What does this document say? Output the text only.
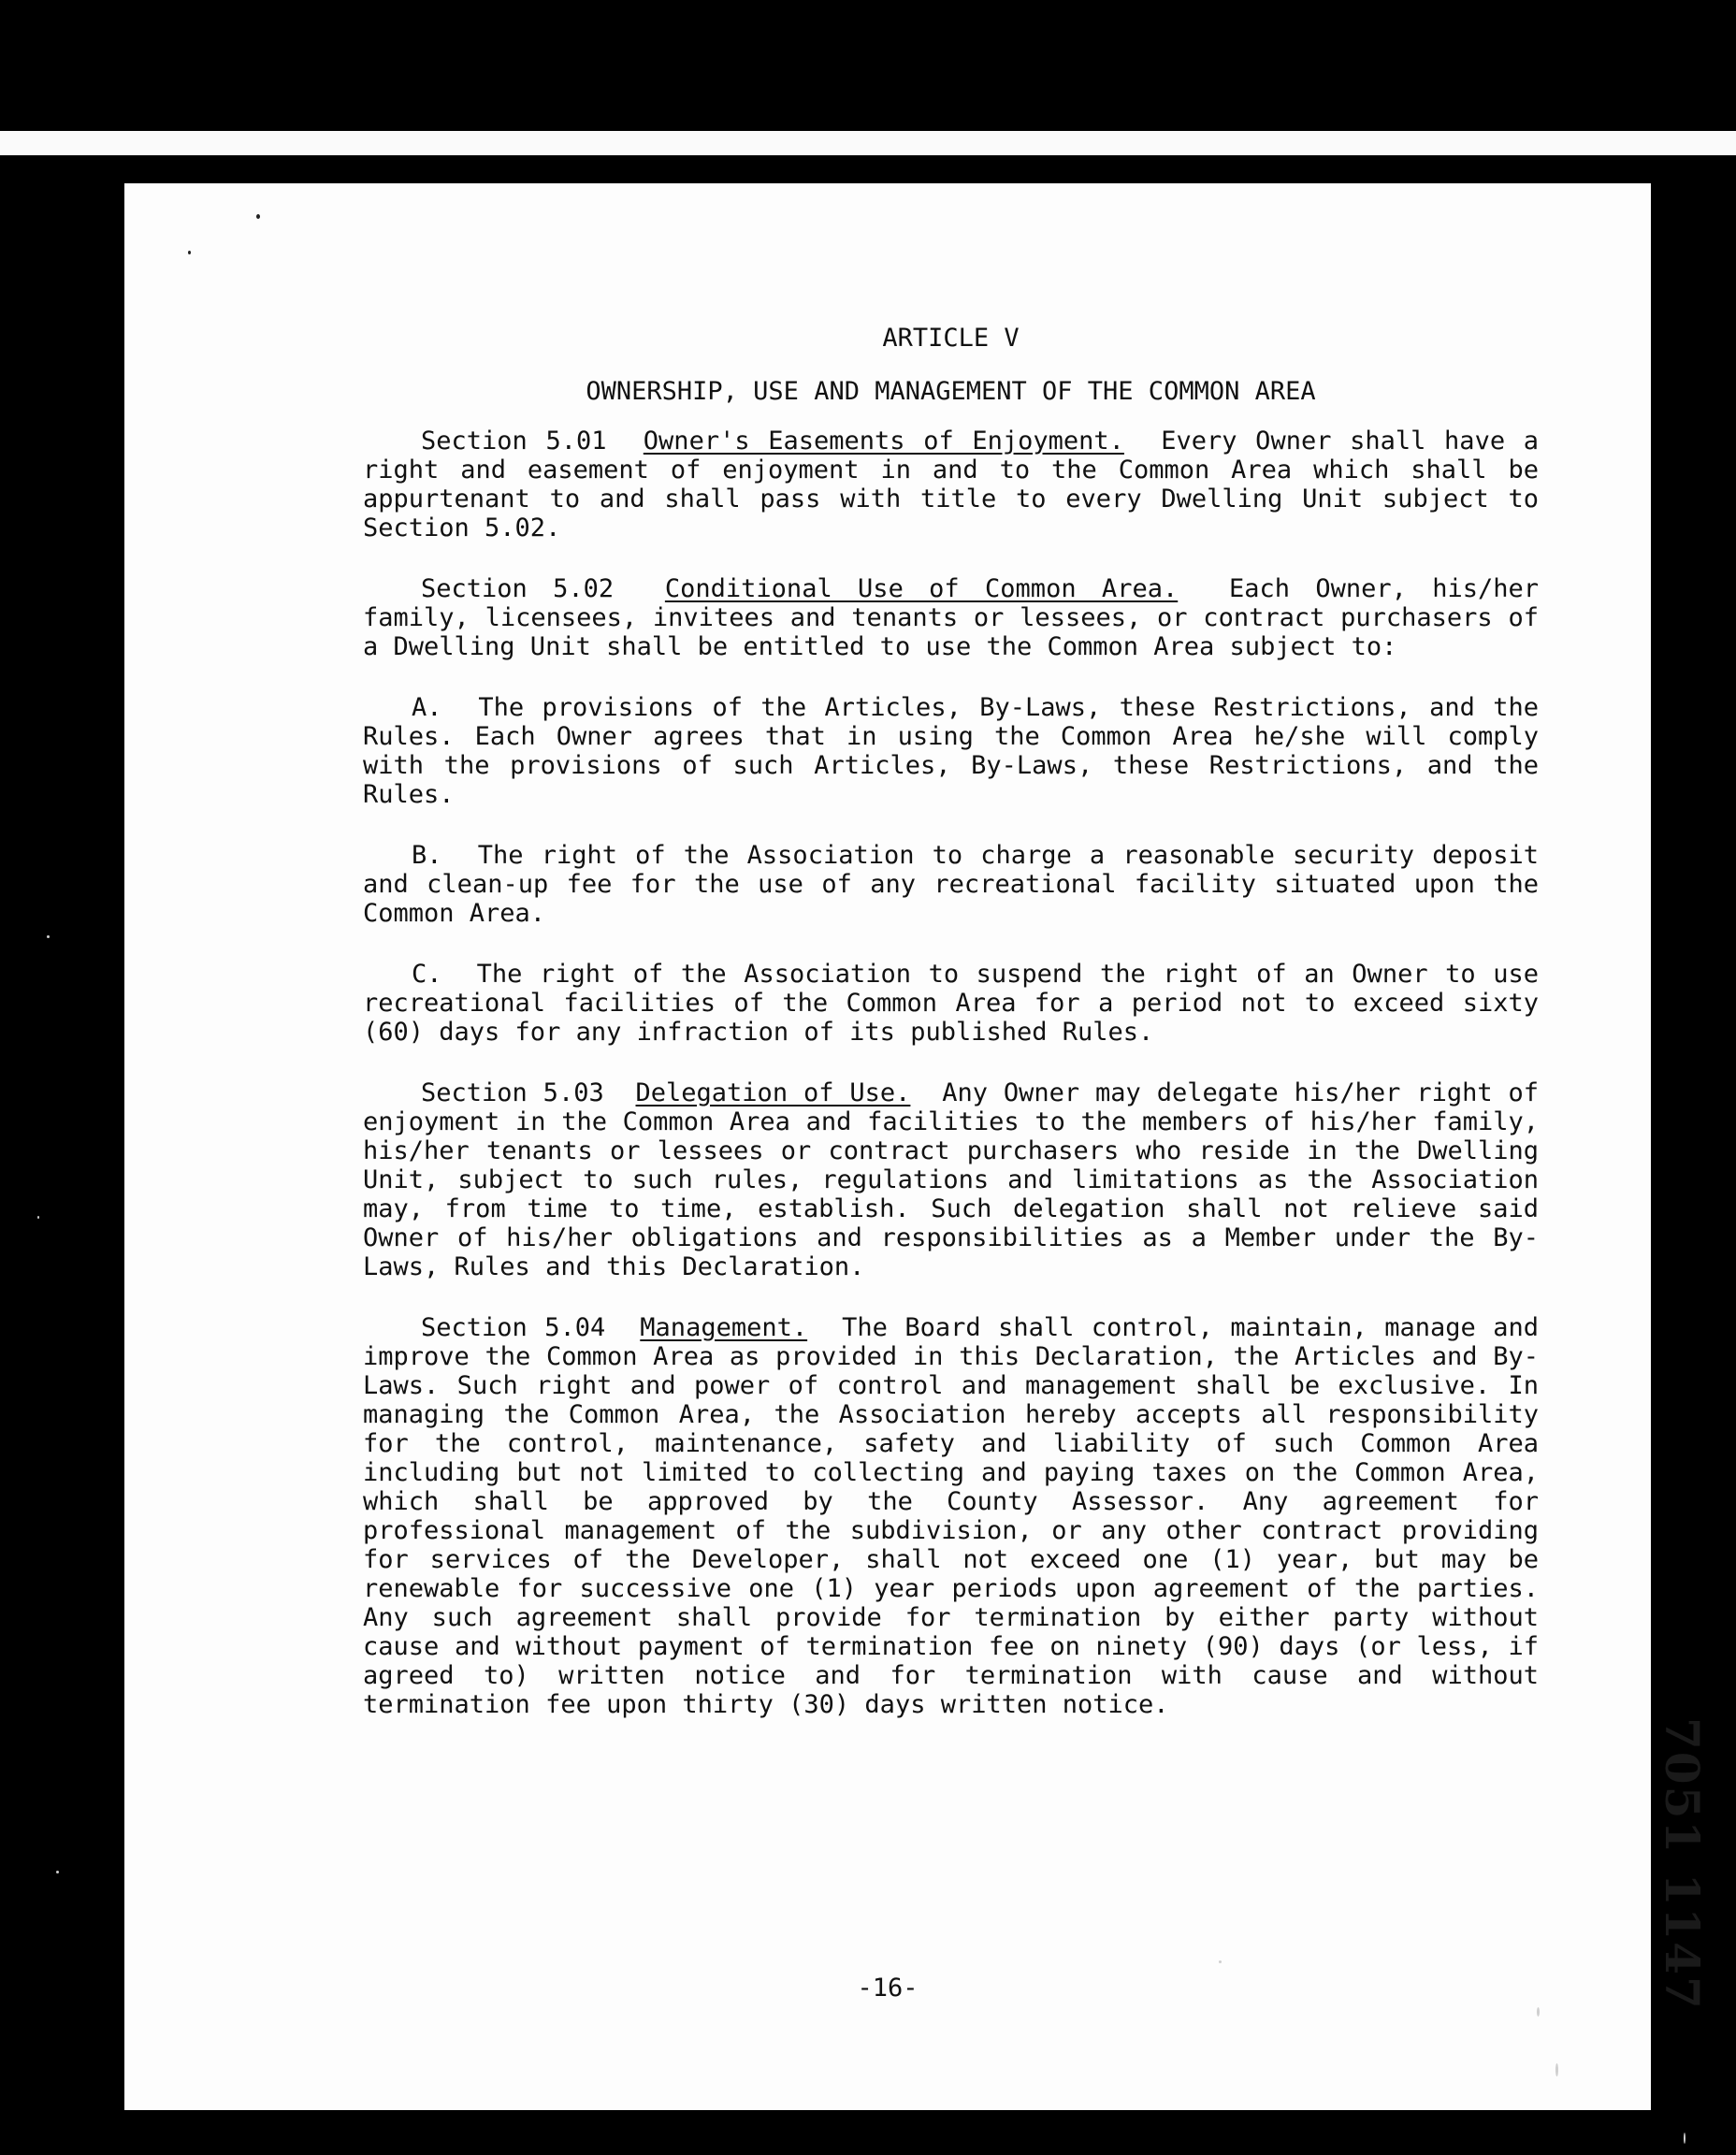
ARTICLE V

OWNERSHIP, USE AND MANAGEMENT OF THE COMMON AREA

Section 5.01 Owner's Easements of Enjoyment. Every Owner shall have a right and easement of enjoyment in and to the Common Area which shall be appurtenant to and shall pass with title to every Dwelling Unit subject to Section 5.02.

Section 5.02 Conditional Use of Common Area. Each Owner, his/her family, licensees, invitees and tenants or lessees, or contract purchasers of a Dwelling Unit shall be entitled to use the Common Area subject to:

A. The provisions of the Articles, By-Laws, these Restrictions, and the Rules. Each Owner agrees that in using the Common Area he/she will comply with the provisions of such Articles, By-Laws, these Restrictions, and the Rules.

B. The right of the Association to charge a reasonable security deposit and clean-up fee for the use of any recreational facility situated upon the Common Area.

C. The right of the Association to suspend the right of an Owner to use recreational facilities of the Common Area for a period not to exceed sixty (60) days for any infraction of its published Rules.

Section 5.03 Delegation of Use. Any Owner may delegate his/her right of enjoyment in the Common Area and facilities to the members of his/her family, his/her tenants or lessees or contract purchasers who reside in the Dwelling Unit, subject to such rules, regulations and limitations as the Association may, from time to time, establish. Such delegation shall not relieve said Owner of his/her obligations and responsibilities as a Member under the By-Laws, Rules and this Declaration.

Section 5.04 Management. The Board shall control, maintain, manage and improve the Common Area as provided in this Declaration, the Articles and By-Laws. Such right and power of control and management shall be exclusive. In managing the Common Area, the Association hereby accepts all responsibility for the control, maintenance, safety and liability of such Common Area including but not limited to collecting and paying taxes on the Common Area, which shall be approved by the County Assessor. Any agreement for professional management of the subdivision, or any other contract providing for services of the Developer, shall not exceed one (1) year, but may be renewable for successive one (1) year periods upon agreement of the parties. Any such agreement shall provide for termination by either party without cause and without payment of termination fee on ninety (90) days (or less, if agreed to) written notice and for termination with cause and without termination fee upon thirty (30) days written notice.

-16-	7051 1147
